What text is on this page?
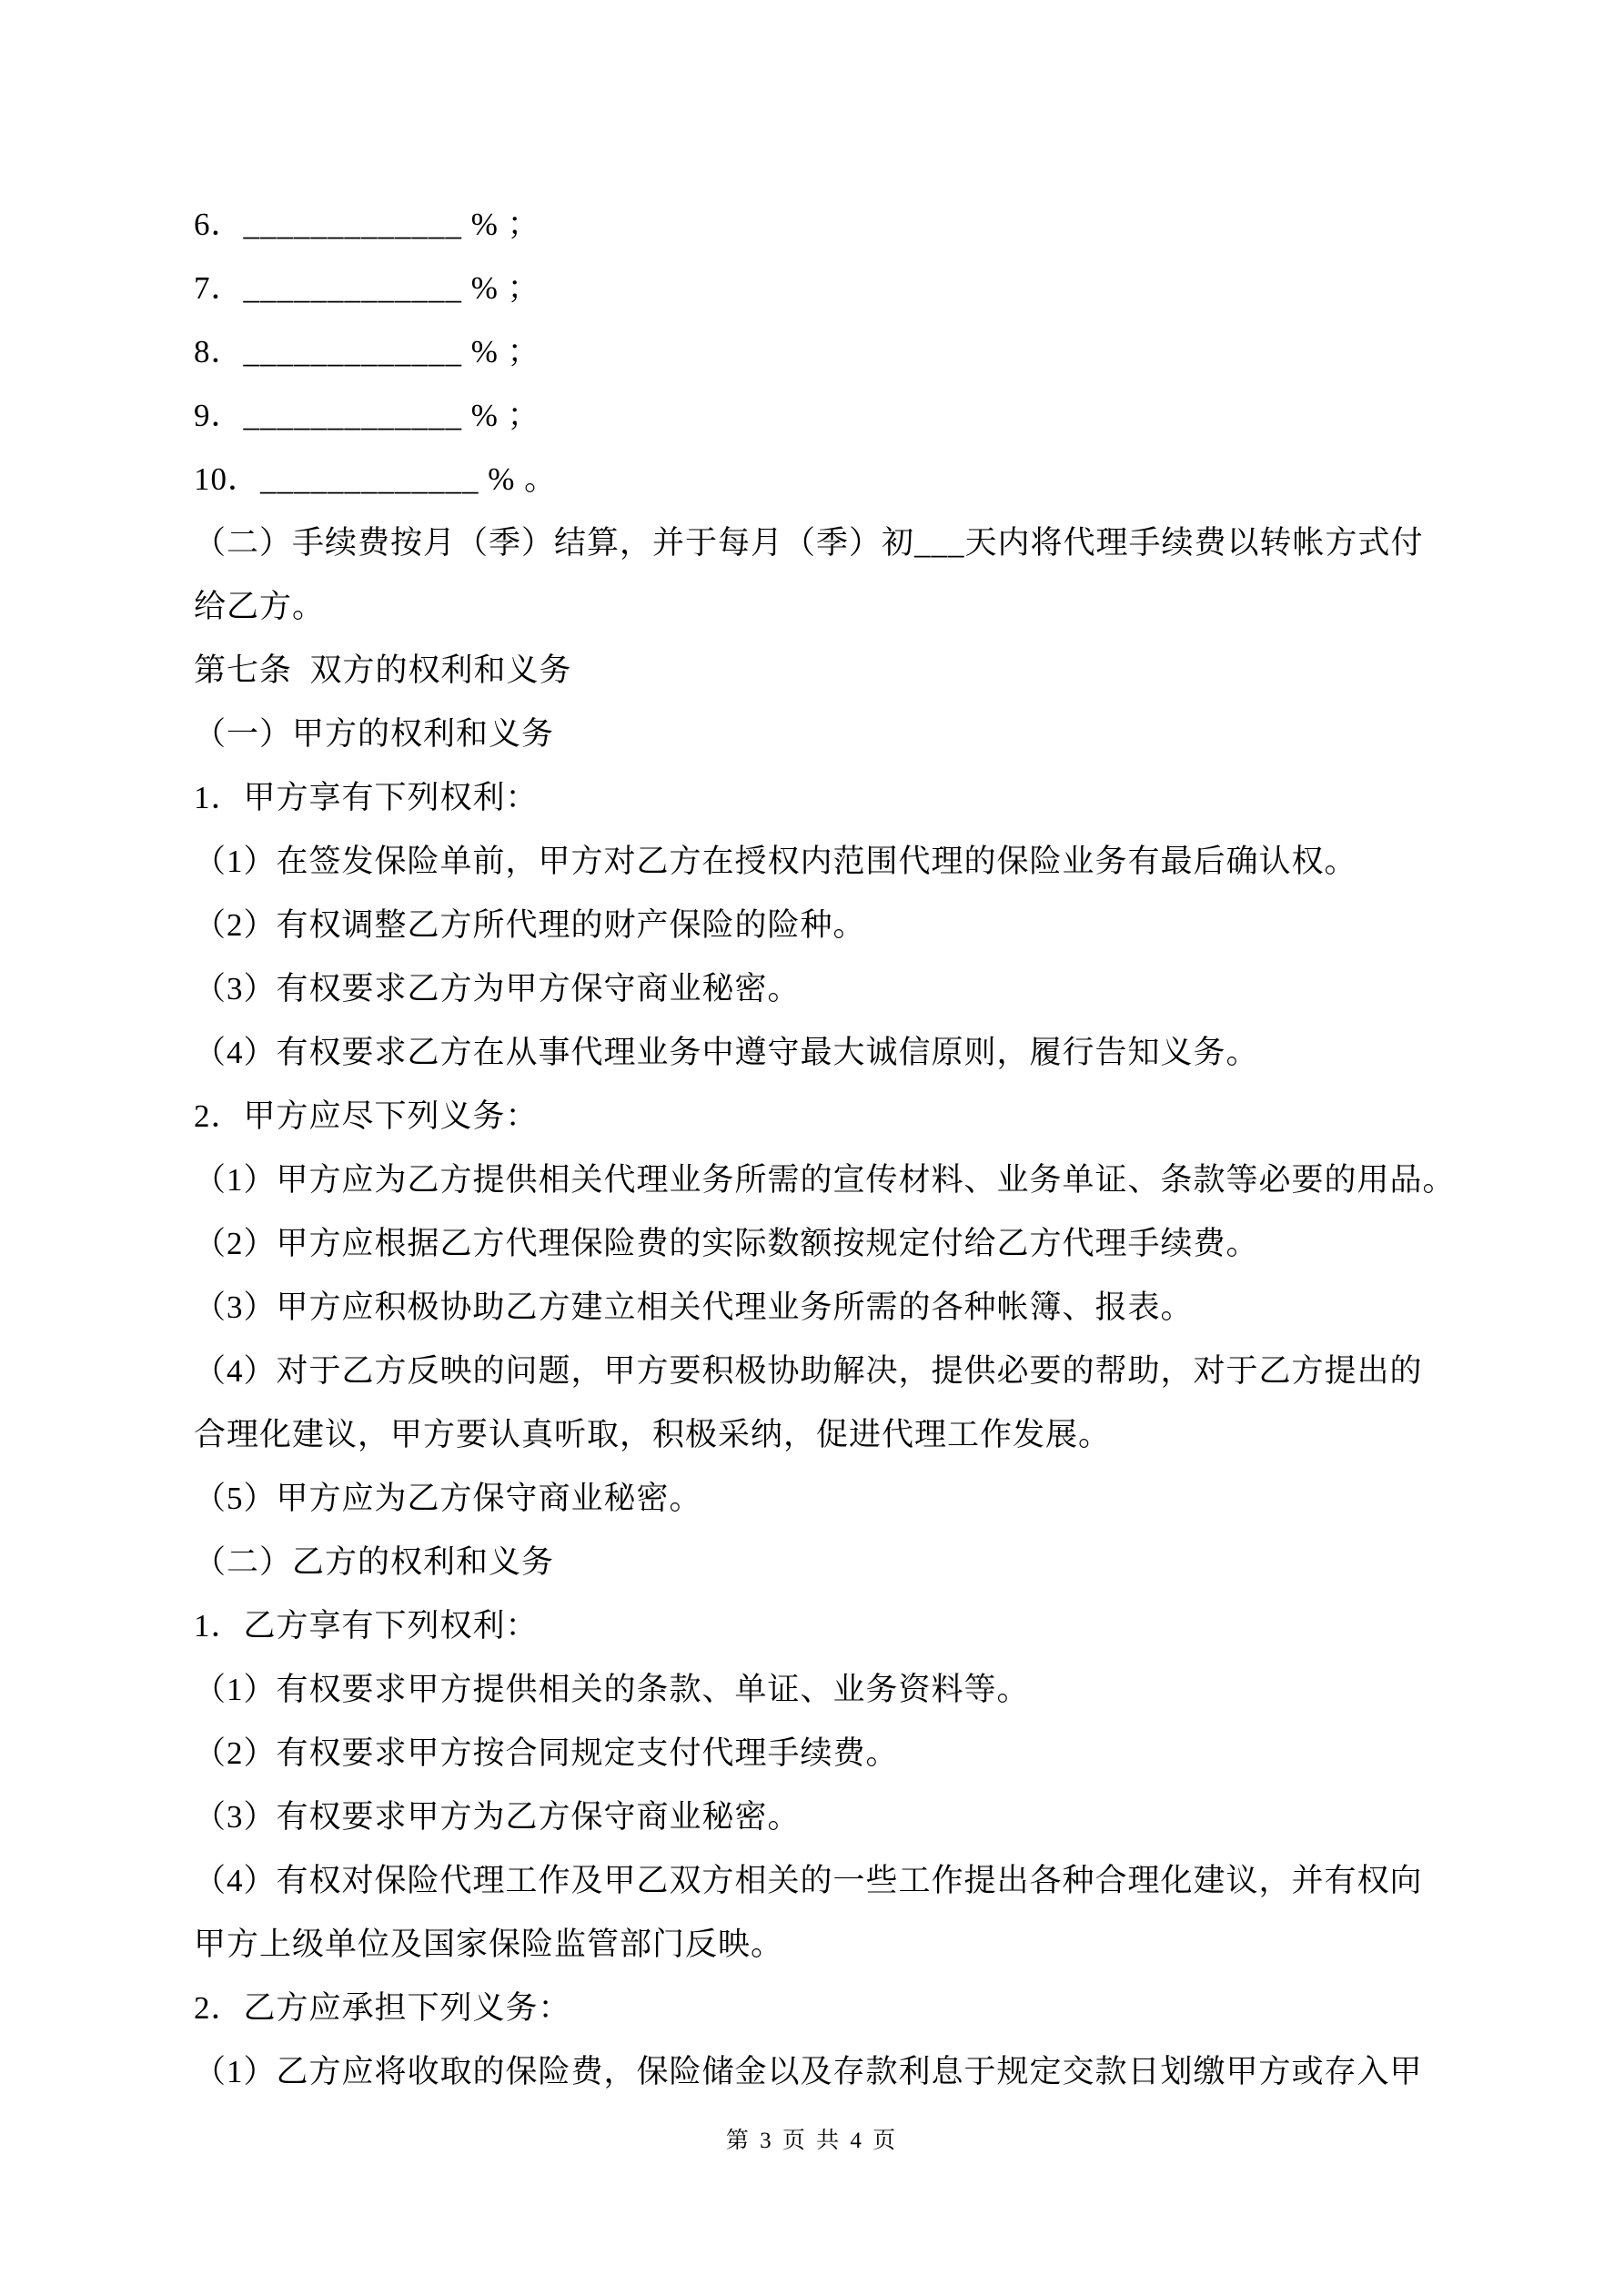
6．_____________ % ；
7．_____________ % ；
8．_____________ % ；
9．_____________ % ；
10．_____________ % 。
（二）手续费按月（季）结算，并于每月（季）初___天内将代理手续费以转帐方式付
给乙方。
第七条  双方的权利和义务
（一）甲方的权利和义务
1．甲方享有下列权利：
（1）在签发保险单前，甲方对乙方在授权内范围代理的保险业务有最后确认权。
（2）有权调整乙方所代理的财产保险的险种。
（3）有权要求乙方为甲方保守商业秘密。
（4）有权要求乙方在从事代理业务中遵守最大诚信原则，履行告知义务。
2．甲方应尽下列义务：
（1）甲方应为乙方提供相关代理业务所需的宣传材料、业务单证、条款等必要的用品。
（2）甲方应根据乙方代理保险费的实际数额按规定付给乙方代理手续费。
（3）甲方应积极协助乙方建立相关代理业务所需的各种帐簿、报表。
（4）对于乙方反映的问题，甲方要积极协助解决，提供必要的帮助，对于乙方提出的
合理化建议，甲方要认真听取，积极采纳，促进代理工作发展。
（5）甲方应为乙方保守商业秘密。
（二）乙方的权利和义务
1．乙方享有下列权利：
（1）有权要求甲方提供相关的条款、单证、业务资料等。
（2）有权要求甲方按合同规定支付代理手续费。
（3）有权要求甲方为乙方保守商业秘密。
（4）有权对保险代理工作及甲乙双方相关的一些工作提出各种合理化建议，并有权向
甲方上级单位及国家保险监管部门反映。
2．乙方应承担下列义务：
（1）乙方应将收取的保险费，保险储金以及存款利息于规定交款日划缴甲方或存入甲
第 3 页 共 4 页
